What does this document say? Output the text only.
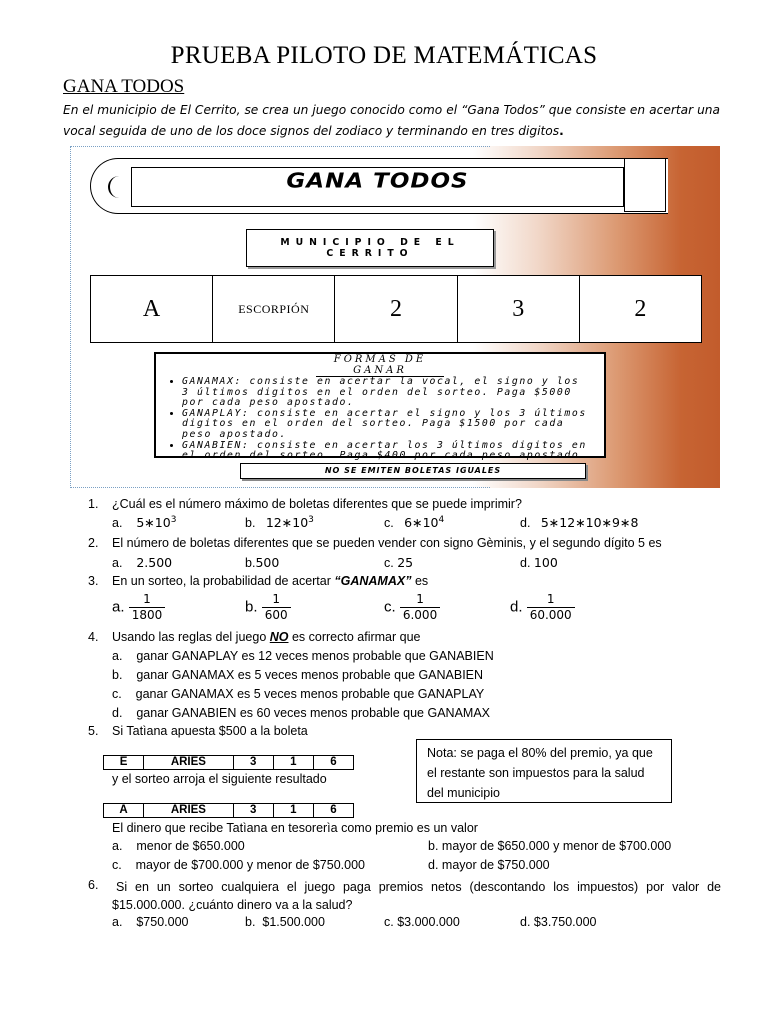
PRUEBA PILOTO DE MATEMÁTICAS
GANA TODOS
En el municipio de El Cerrito, se crea un juego conocido como el “Gana Todos” que consiste en acertar una vocal seguida de uno de los doce signos del zodiaco y terminando en tres digitos.
GANA TODOS
MUNICIPIO DE EL CERRITO
A	ESCORPIÓN	2	3	2
FORMAS DE GANAR
• GANAMAX: consiste en acertar la vocal, el signo y los 3 últimos digitos en el orden del sorteo. Paga $5000 por cada peso apostado.
• GANAPLAY: consiste en acertar el signo y los 3 últimos digitos en el orden del sorteo. Paga $1500 por cada peso apostado.
• GANABIEN: consiste en acertar los 3 últimos digitos en el orden del sorteo. Paga $400 por cada peso apostado.
NO SE EMITEN BOLETAS IGUALES
1. ¿Cuál es el número máximo de boletas diferentes que se puede imprimir?
a. $5∗10^3$	b. $12∗10^3$	c. $6∗10^4$	d. 5∗12∗10∗9∗8
2. El número de boletas diferentes que se pueden vender con signo Gèminis, y el segundo dígito 5 es
a. 2.500	b.500	c. 25	d. 100
3. En un sorteo, la probabilidad de acertar “GANAMAX” es
a. $\frac{1}{1800}$	b. $\frac{1}{600}$	c. $\frac{1}{6.000}$	d. $\frac{1}{60.000}$
4. Usando las reglas del juego NO es correcto afirmar que
a. ganar GANAPLAY es 12 veces menos probable que GANABIEN
b. ganar GANAMAX es 5 veces menos probable que GANABIEN
c. ganar GANAMAX es 5 veces menos probable que GANAPLAY
d. ganar GANABIEN es 60 veces menos probable que GANAMAX
5. Si Tatìana apuesta $500 a la boleta
E	ARIES	3	1	6
y el sorteo arroja el siguiente resultado
A	ARIES	3	1	6
Nota: se paga el 80% del premio, ya que el restante son impuestos para la salud del municipio
El dinero que recibe Tatìana en tesorerìa como premio es un valor
a. menor de $650.000	b. mayor de $650.000 y menor de $700.000
c. mayor de $700.000 y menor de $750.000	d. mayor de $750.000
6.	Si en un sorteo cualquiera el juego paga premios netos (descontando los impuestos) por valor de $15.000.000. ¿cuánto dinero va a la salud?
a. $750.000	b. $1.500.000	c. $3.000.000	d. $3.750.000
